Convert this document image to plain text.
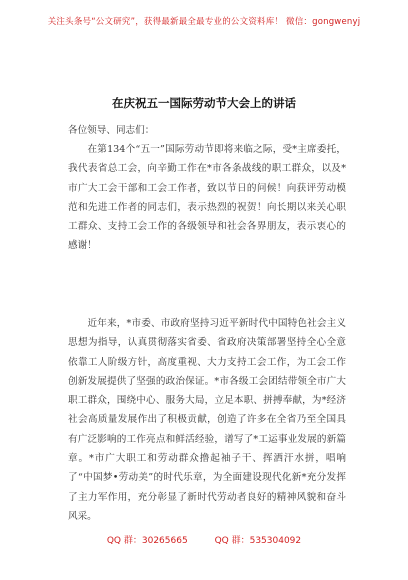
关注头条号“公文研究”，获得最新最全最专业的公文资料库！ 微信：gongwenyj
在庆祝五一国际劳动节大会上的讲话
各位领导、同志们：
在第134个“五一”国际劳动节即将来临之际，受*主席委托，我代表省总工会，向辛勤工作在*市各条战线的职工群众，以及*市广大工会干部和工会工作者，致以节日的问候！向获评劳动模范和先进工作者的同志们，表示热烈的祝贺！向长期以来关心职工群众、支持工会工作的各级领导和社会各界朋友，表示衷心的感谢！
近年来，*市委、市政府坚持习近平新时代中国特色社会主义思想为指导，认真贯彻落实省委、省政府决策部署坚持全心全意依靠工人阶级方针，高度重视、大力支持工会工作，为工会工作创新发展提供了坚强的政治保证。*市各级工会团结带领全市广大职工群众，围绕中心、服务大局，立足本职、拼搏奉献，为*经济社会高质量发展作出了积极贡献，创造了许多在全省乃至全国具有广泛影响的工作亮点和鲜活经验，谱写了*工运事业发展的新篇章。*市广大职工和劳动群众撸起袖子干、挥洒汗水拼，唱响了“中国梦•劳动美”的时代乐章，为全面建设现代化新*充分发挥了主力军作用，充分彰显了新时代劳动者良好的精神风貌和奋斗风采。
QQ 群：30265665	QQ 群：535304092
